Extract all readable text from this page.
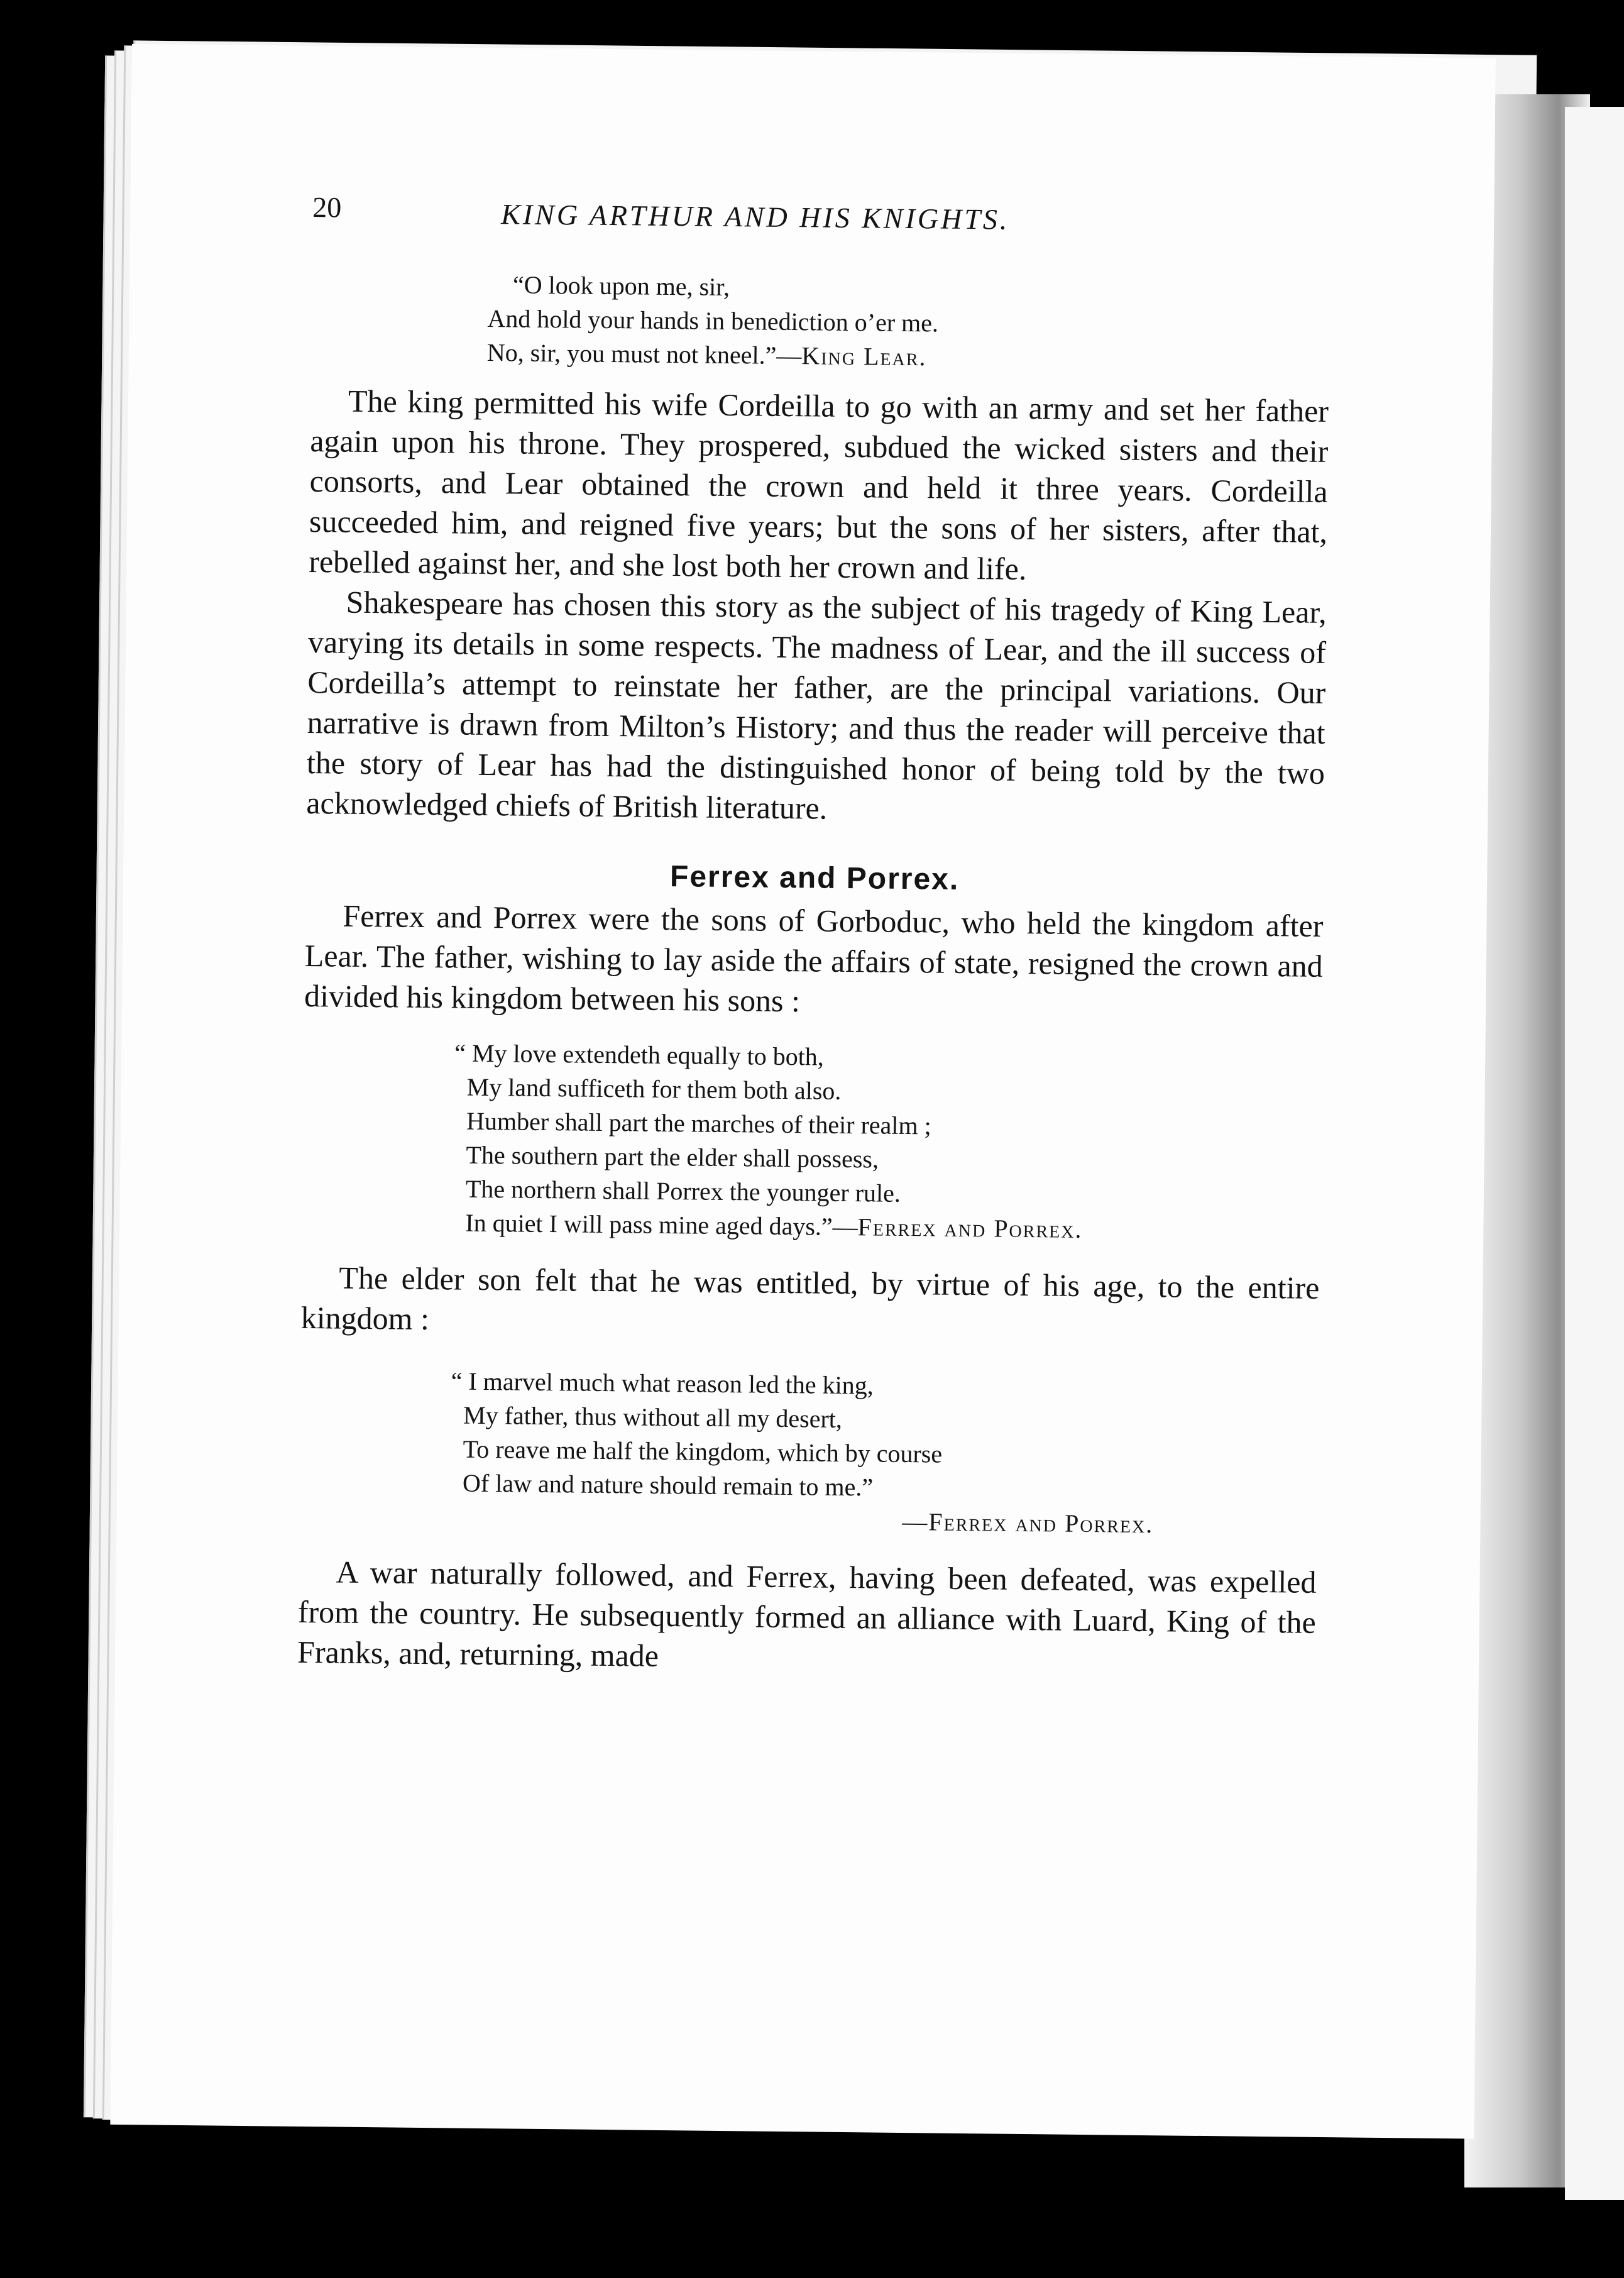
20	KING ARTHUR AND HIS KNIGHTS.
“O look upon me, sir,
And hold your hands in benediction o’er me.
No, sir, you must not kneel.”—King Lear.

The king permitted his wife Cordeilla to go with an army and set her father again upon his throne. They prospered, subdued the wicked sisters and their consorts, and Lear obtained the crown and held it three years. Cordeilla succeeded him, and reigned five years; but the sons of her sisters, after that, rebelled against her, and she lost both her crown and life.

Shakespeare has chosen this story as the subject of his tragedy of King Lear, varying its details in some respects. The madness of Lear, and the ill success of Cordeilla’s attempt to reinstate her father, are the principal variations. Our narrative is drawn from Milton’s History; and thus the reader will perceive that the story of Lear has had the distinguished honor of being told by the two acknowledged chiefs of British literature.

Ferrex and Porrex.

Ferrex and Porrex were the sons of Gorboduc, who held the kingdom after Lear. The father, wishing to lay aside the affairs of state, resigned the crown and divided his kingdom between his sons :

“ My love extendeth equally to both,
My land sufficeth for them both also.
Humber shall part the marches of their realm ;
The southern part the elder shall possess,
The northern shall Porrex the younger rule.
In quiet I will pass mine aged days.”—Ferrex and Porrex.

The elder son felt that he was entitled, by virtue of his age, to the entire kingdom :

“ I marvel much what reason led the king,
My father, thus without all my desert,
To reave me half the kingdom, which by course
Of law and nature should remain to me.”
—Ferrex and Porrex.

A war naturally followed, and Ferrex, having been defeated, was expelled from the country. He subsequently formed an alliance with Luard, King of the Franks, and, returning, made
